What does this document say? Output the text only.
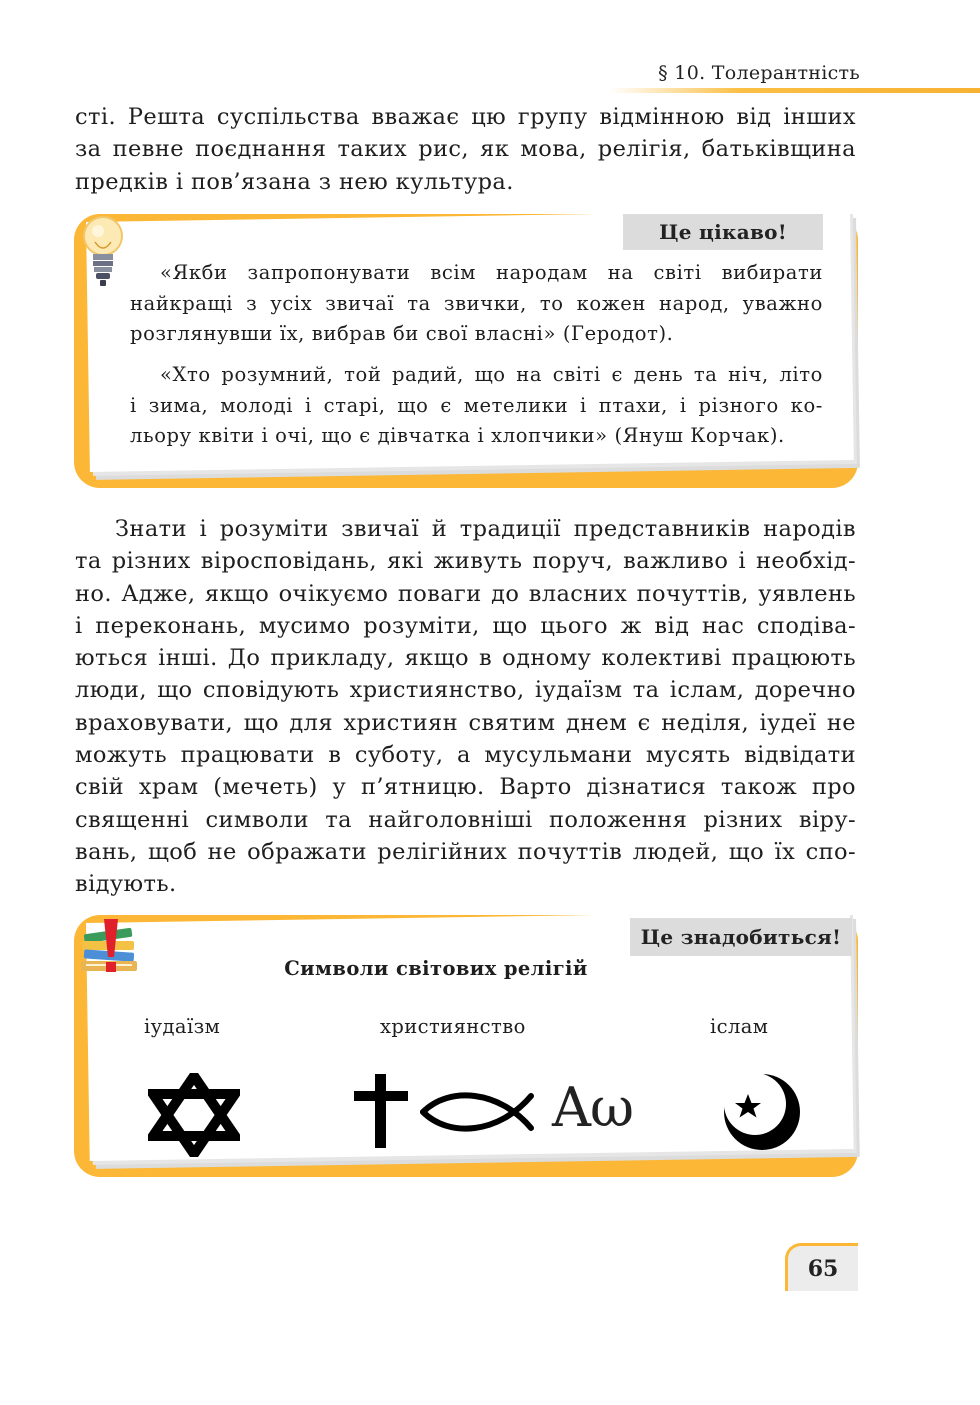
§ 10. Толерантність

сті. Решта суспільства вважає цю групу відмінною від інших
за певне поєднання таких рис, як мова, релігія, батьківщина
предків і пов’язана з нею культура.

Це цікаво!

«Якби запропонувати всім народам на світі вибирати
найкращі з усіх звичаї та звички, то кожен народ, уважно
розглянувши їх, вибрав би свої власні» (Геродот).

«Хто розумний, той радий, що на світі є день та ніч, літо
і зима, молоді і старі, що є метелики і птахи, і різного ко-
льору квіти і очі, що є дівчатка і хлопчики» (Януш Корчак).

Знати і розуміти звичаї й традиції представників народів
та різних віросповідань, які живуть поруч, важливо і необхід-
но. Адже, якщо очікуємо поваги до власних почуттів, уявлень
і переконань, мусимо розуміти, що цього ж від нас сподіва-
ються інші. До прикладу, якщо в одному колективі працюють
люди, що сповідують християнство, іудаїзм та іслам, доречно
враховувати, що для християн святим днем є неділя, іудеї не
можуть працювати в суботу, а мусульмани мусять відвідати
свій храм (мечеть) у п’ятницю. Варто дізнатися також про
священні символи та найголовніші положення різних віру-
вань, щоб не ображати релігійних почуттів людей, що їх спо-
відують.

Це знадобиться!
Символи світових релігій
іудаїзм	християнство	іслам
Aω
65
